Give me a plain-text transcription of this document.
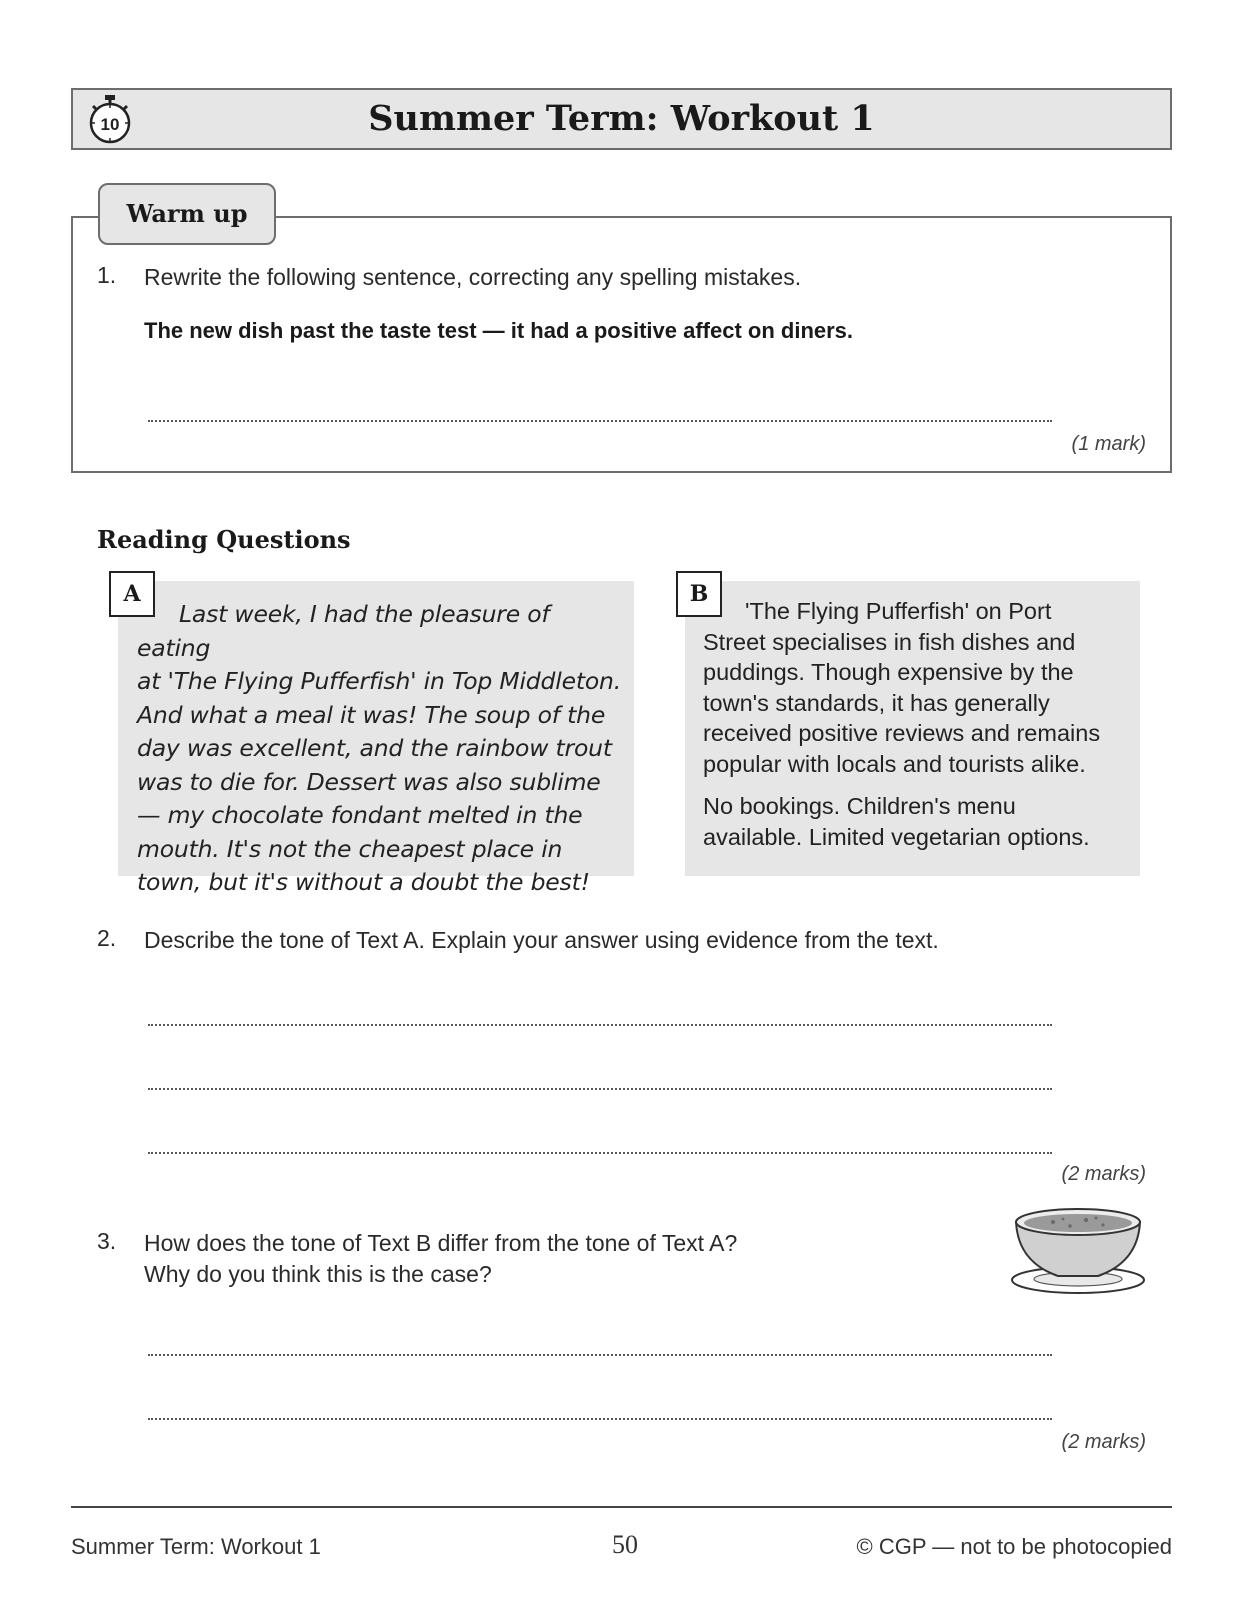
10	Summer Term: Workout 1
Warm up
1. Rewrite the following sentence, correcting any spelling mistakes.
The new dish past the taste test — it had a positive affect on diners.
(1 mark)
Reading Questions
A

Last week, I had the pleasure of eating

at 'The Flying Pufferfish' in Top Middleton.

And what a meal it was! The soup of the

day was excellent, and the rainbow trout

was to die for. Dessert was also sublime

— my chocolate fondant melted in the

mouth. It's not the cheapest place in

town, but it's without a doubt the best!

B

'The Flying Pufferfish' on Port

Street specialises in fish dishes and

puddings. Though expensive by the

town's standards, it has generally

received positive reviews and remains

popular with locals and tourists alike.

No bookings. Children's menu

available. Limited vegetarian options.

2. Describe the tone of Text A. Explain your answer using evidence from the text.
(2 marks)
3. How does the tone of Text B differ from the tone of Text A?
Why do you think this is the case?
(2 marks)
Summer Term: Workout 1	50	© CGP — not to be photocopied
